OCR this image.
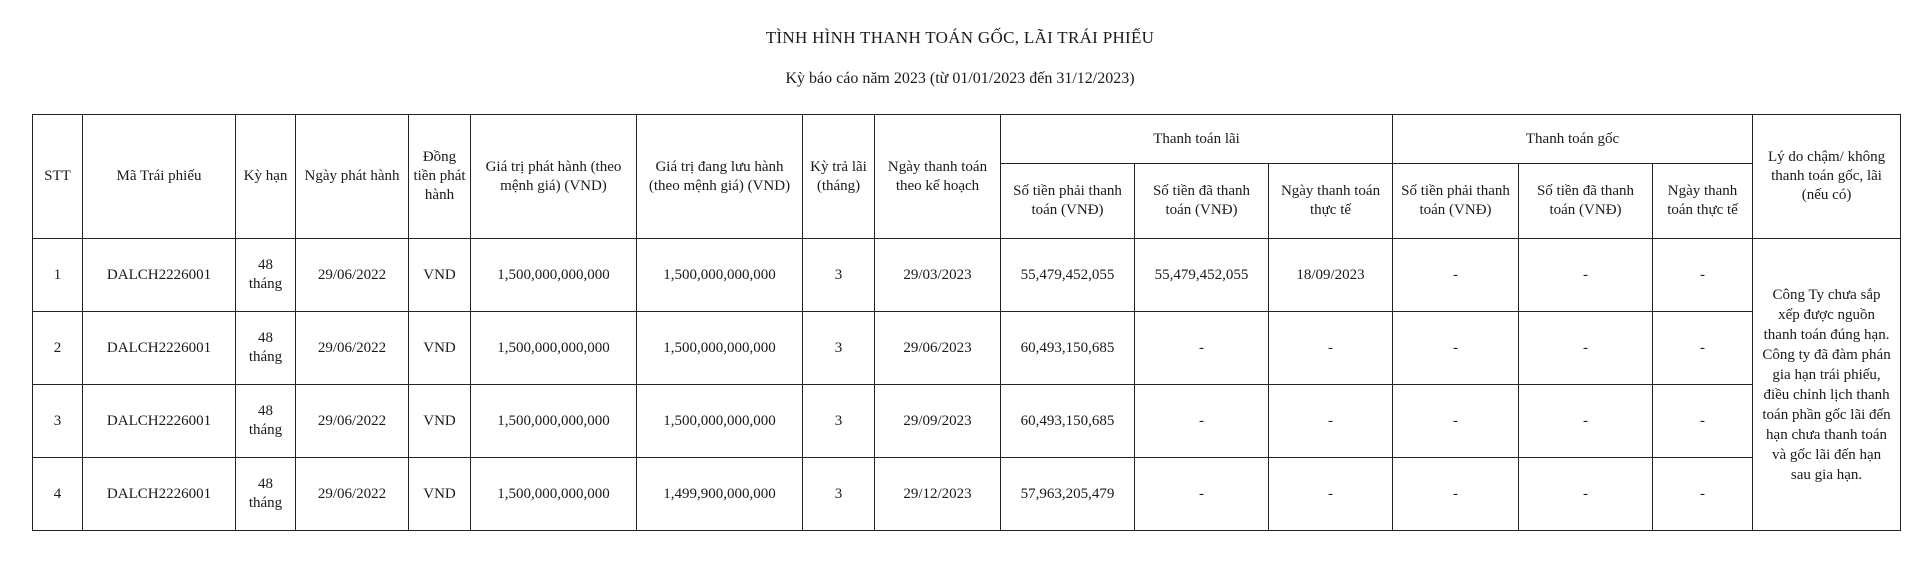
TÌNH HÌNH THANH TOÁN GỐC, LÃI TRÁI PHIẾU
Kỳ báo cáo năm 2023 (từ 01/01/2023 đến 31/12/2023)
STT	Mã Trái phiếu	Kỳ hạn	Ngày phát hành	Đồng tiền phát hành	Giá trị phát hành (theo mệnh giá) (VND)	Giá trị đang lưu hành (theo mệnh giá) (VND)	Kỳ trả lãi (tháng)	Ngày thanh toán theo kế hoạch	Thanh toán lãi			Thanh toán gốc			Lý do chậm/ không thanh toán gốc, lãi (nếu có)
									Số tiền phải thanh toán (VNĐ)	Số tiền đã thanh toán (VNĐ)	Ngày thanh toán thực tế	Số tiền phải thanh toán (VNĐ)	Số tiền đã thanh toán (VNĐ)	Ngày thanh toán thực tế	
1	DALCH2226001	48 tháng	29/06/2022	VND	1,500,000,000,000	1,500,000,000,000	3	29/03/2023	55,479,452,055	55,479,452,055	18/09/2023	-	-	-	Công Ty chưa sắp xếp được nguồn thanh toán đúng hạn. Công ty đã đàm phán gia hạn trái phiếu, điều chỉnh lịch thanh toán phần gốc lãi đến hạn chưa thanh toán và gốc lãi đến hạn sau gia hạn.
2	DALCH2226001	48 tháng	29/06/2022	VND	1,500,000,000,000	1,500,000,000,000	3	29/06/2023	60,493,150,685	-	-	-	-	-	
3	DALCH2226001	48 tháng	29/06/2022	VND	1,500,000,000,000	1,500,000,000,000	3	29/09/2023	60,493,150,685	-	-	-	-	-	
4	DALCH2226001	48 tháng	29/06/2022	VND	1,500,000,000,000	1,499,900,000,000	3	29/12/2023	57,963,205,479	-	-	-	-	-	
